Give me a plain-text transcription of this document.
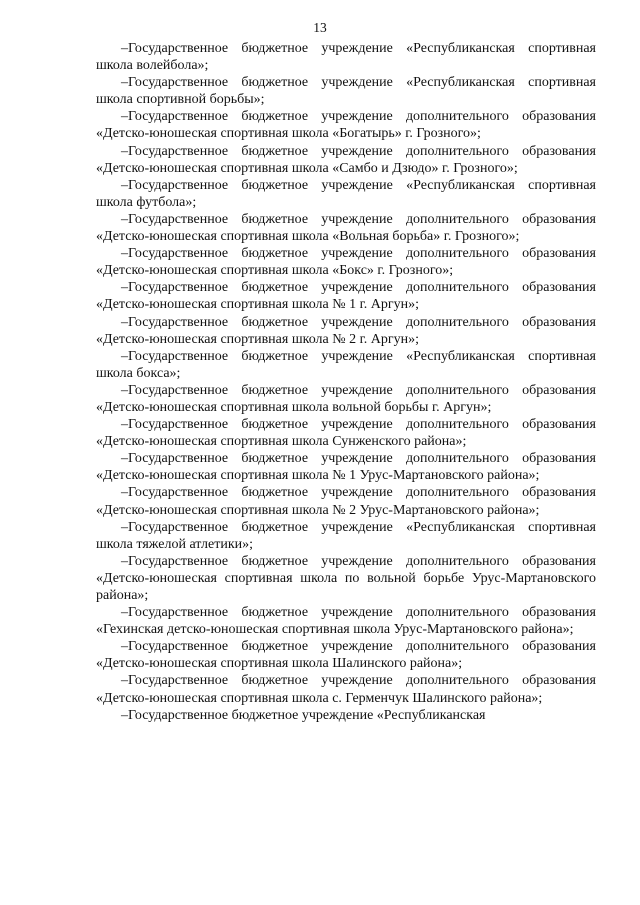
13

–Государственное бюджетное учреждение «Республиканская спортивная школа волейбола»;

–Государственное бюджетное учреждение «Республиканская спортивная школа спортивной борьбы»;

–Государственное бюджетное учреждение дополнительного образования «Детско-юношеская спортивная школа «Богатырь» г. Грозного»;

–Государственное бюджетное учреждение дополнительного образования «Детско-юношеская спортивная школа «Самбо и Дзюдо» г. Грозного»;

–Государственное бюджетное учреждение «Республиканская спортивная школа футбола»;

–Государственное бюджетное учреждение дополнительного образования «Детско-юношеская спортивная школа «Вольная борьба» г. Грозного»;

–Государственное бюджетное учреждение дополнительного образования «Детско-юношеская спортивная школа «Бокс» г. Грозного»;

–Государственное бюджетное учреждение дополнительного образования «Детско-юношеская спортивная школа № 1 г. Аргун»;

–Государственное бюджетное учреждение дополнительного образования «Детско-юношеская спортивная школа № 2 г. Аргун»;

–Государственное бюджетное учреждение «Республиканская спортивная школа бокса»;

–Государственное бюджетное учреждение дополнительного образования «Детско-юношеская спортивная школа вольной борьбы г. Аргун»;

–Государственное бюджетное учреждение дополнительного образования «Детско-юношеская спортивная школа Сунженского района»;

–Государственное бюджетное учреждение дополнительного образования «Детско-юношеская спортивная школа № 1 Урус-Мартановского района»;

–Государственное бюджетное учреждение дополнительного образования «Детско-юношеская спортивная школа № 2 Урус-Мартановского района»;

–Государственное бюджетное учреждение «Республиканская спортивная школа тяжелой атлетики»;

–Государственное бюджетное учреждение дополнительного образования «Детско-юношеская спортивная школа по вольной борьбе Урус-Мартановского района»;

–Государственное бюджетное учреждение дополнительного образования «Гехинская детско-юношеская спортивная школа Урус-Мартановского района»;

–Государственное бюджетное учреждение дополнительного образования «Детско-юношеская спортивная школа Шалинского района»;

–Государственное бюджетное учреждение дополнительного образования «Детско-юношеская спортивная школа с. Герменчук Шалинского района»;

–Государственное бюджетное учреждение «Республиканская
